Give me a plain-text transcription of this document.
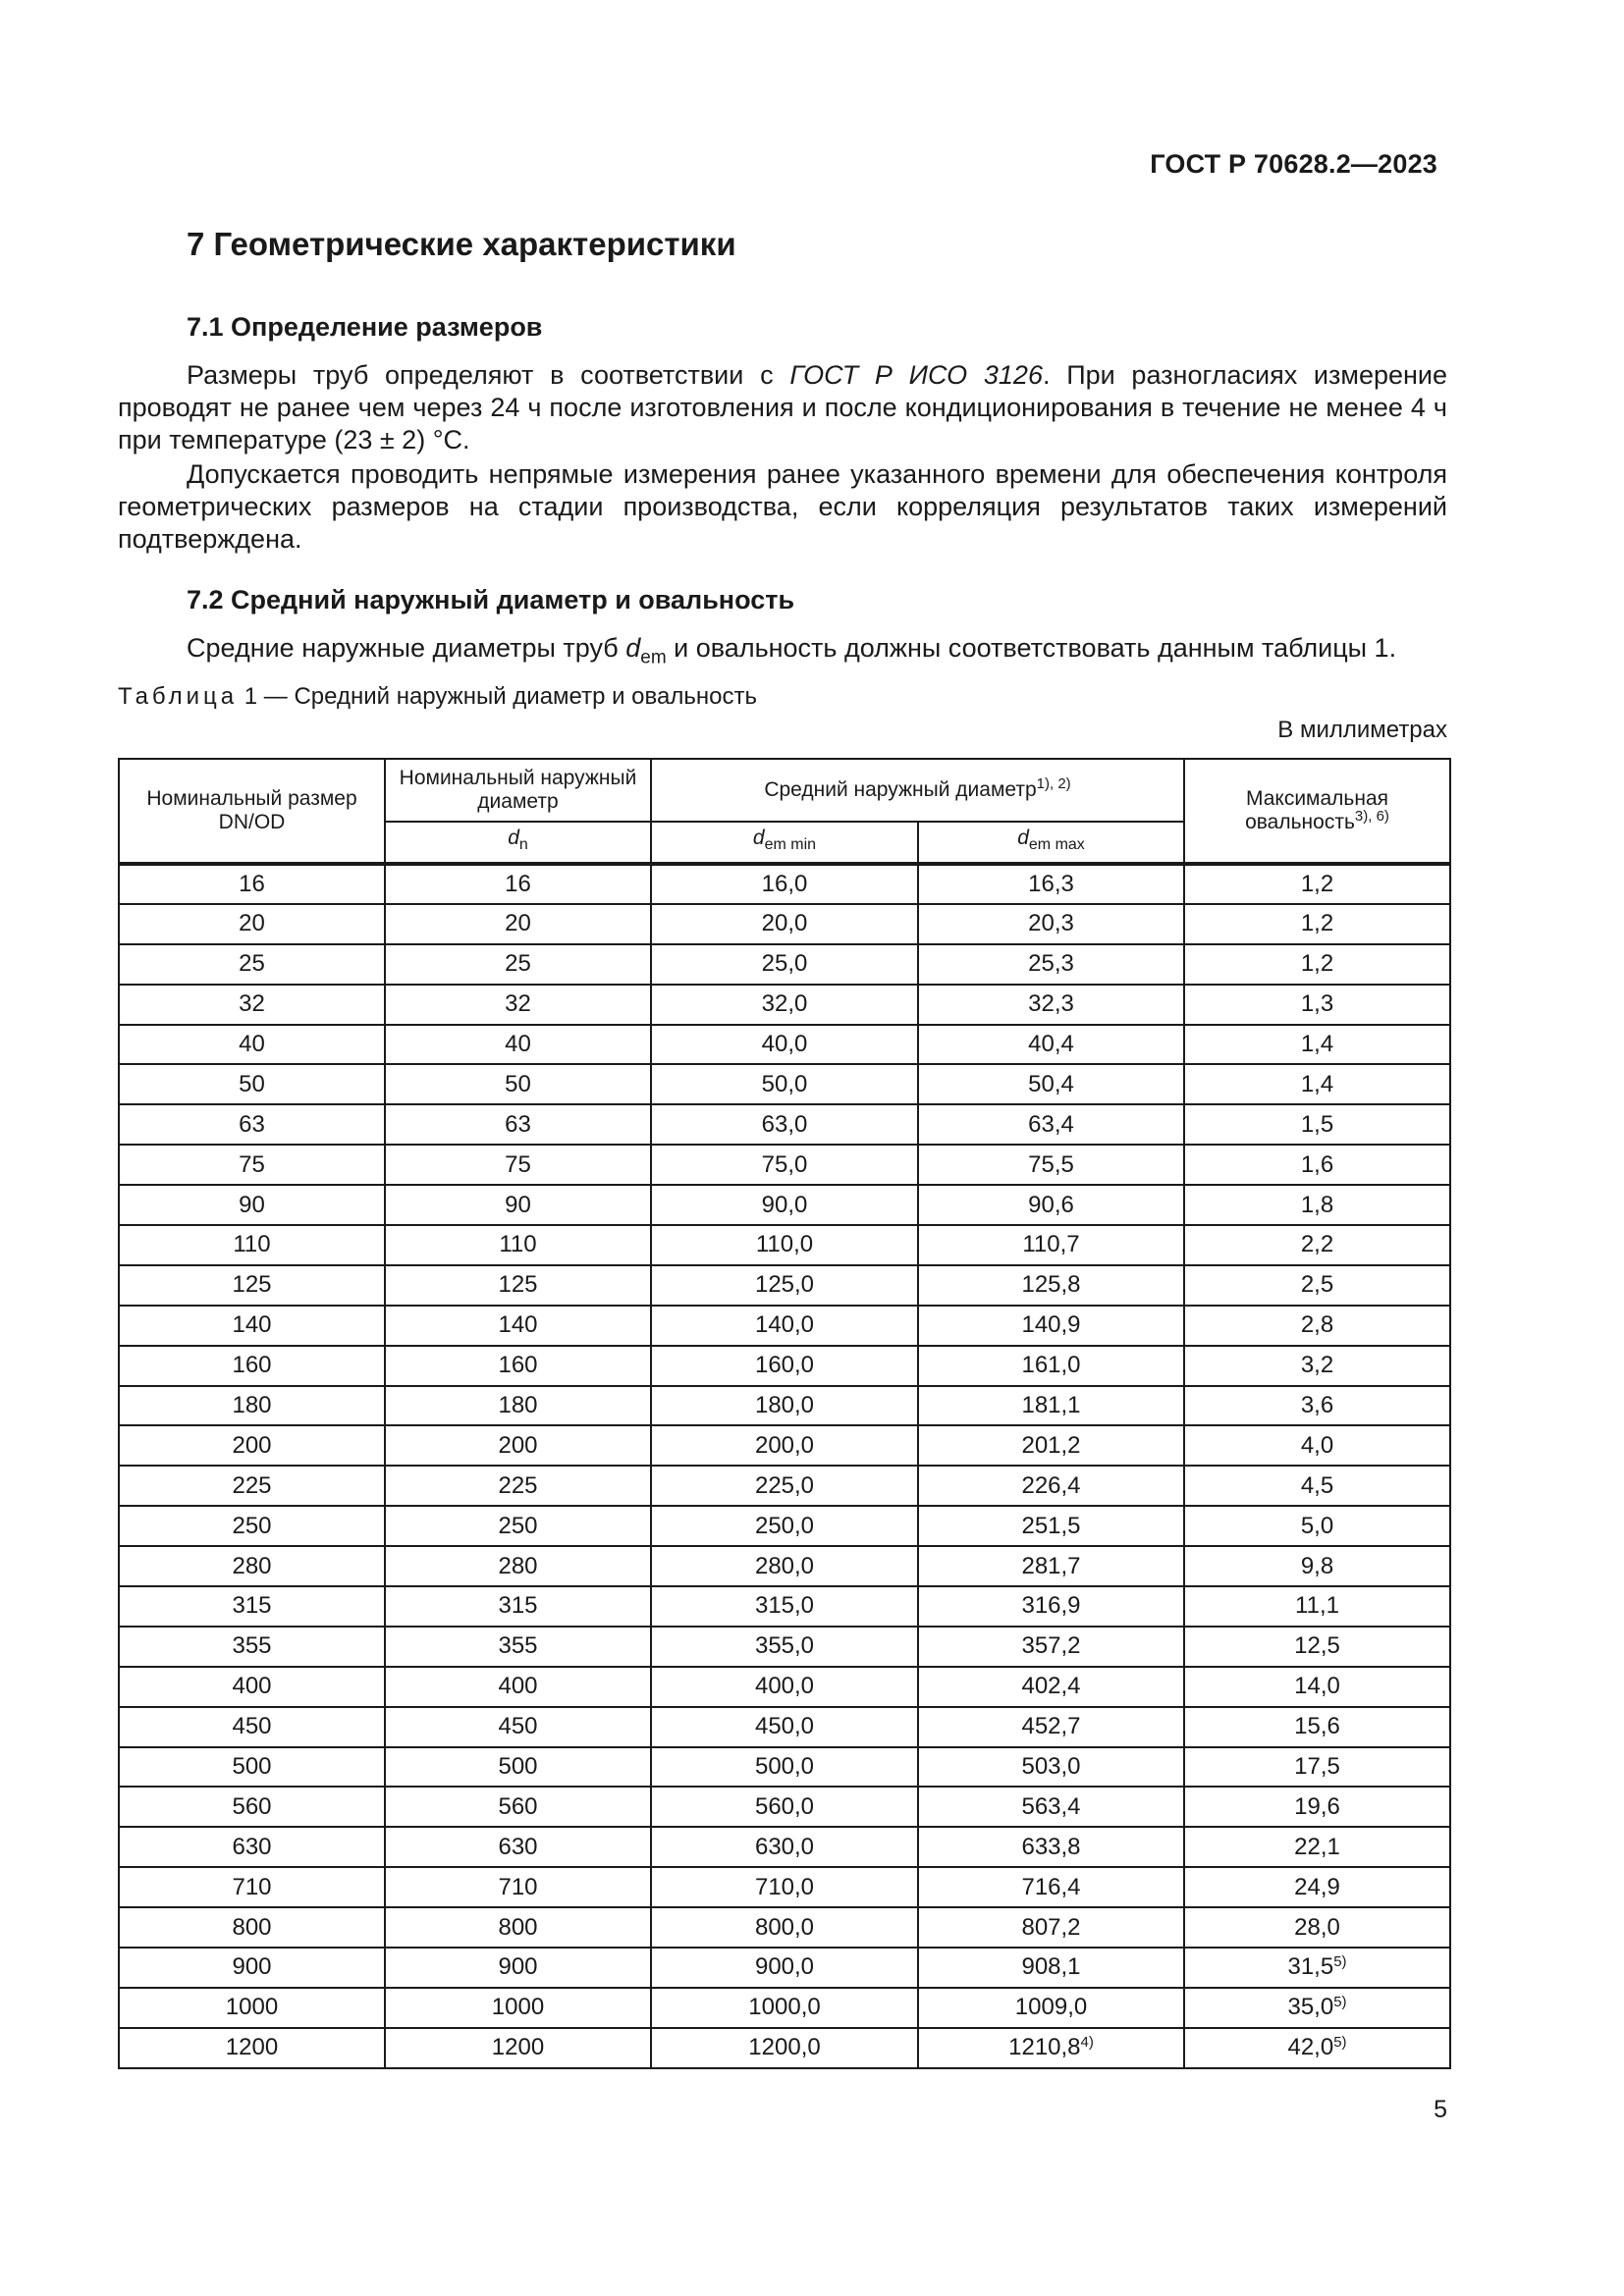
ГОСТ Р 70628.2—2023
7 Геометрические характеристики
7.1 Определение размеров
Размеры труб определяют в соответствии с ГОСТ Р ИСО 3126. При разногласиях измерение проводят не ранее чем через 24 ч после изготовления и после кондиционирования в течение не менее 4 ч при температуре (23 ± 2) °С.
Допускается проводить непрямые измерения ранее указанного времени для обеспечения контроля геометрических размеров на стадии производства, если корреляция результатов таких измерений подтверждена.
7.2 Средний наружный диаметр и овальность
Средние наружные диаметры труб $d_{em}$ и овальность должны соответствовать данным таблицы 1.
Таблица 1 — Средний наружный диаметр и овальность
В миллиметрах
Номинальный размер DN/OD	Номинальный наружный диаметр	Средний наружный диаметр$^{1), 2)}$		Максимальная овальность$^{3), 6)}$
	$d_n$	$d_{em min}$	$d_{em max}$
16	16	16,0	16,3	1,2
20	20	20,0	20,3	1,2
25	25	25,0	25,3	1,2
32	32	32,0	32,3	1,3
40	40	40,0	40,4	1,4
50	50	50,0	50,4	1,4
63	63	63,0	63,4	1,5
75	75	75,0	75,5	1,6
90	90	90,0	90,6	1,8
110	110	110,0	110,7	2,2
125	125	125,0	125,8	2,5
140	140	140,0	140,9	2,8
160	160	160,0	161,0	3,2
180	180	180,0	181,1	3,6
200	200	200,0	201,2	4,0
225	225	225,0	226,4	4,5
250	250	250,0	251,5	5,0
280	280	280,0	281,7	9,8
315	315	315,0	316,9	11,1
355	355	355,0	357,2	12,5
400	400	400,0	402,4	14,0
450	450	450,0	452,7	15,6
500	500	500,0	503,0	17,5
560	560	560,0	563,4	19,6
630	630	630,0	633,8	22,1
710	710	710,0	716,4	24,9
800	800	800,0	807,2	28,0
900	900	900,0	908,1	31,5$^{5)}$
1000	1000	1000,0	1009,0	35,0$^{5)}$
1200	1200	1200,0	1210,8$^{4)}$	42,0$^{5)}$
5
